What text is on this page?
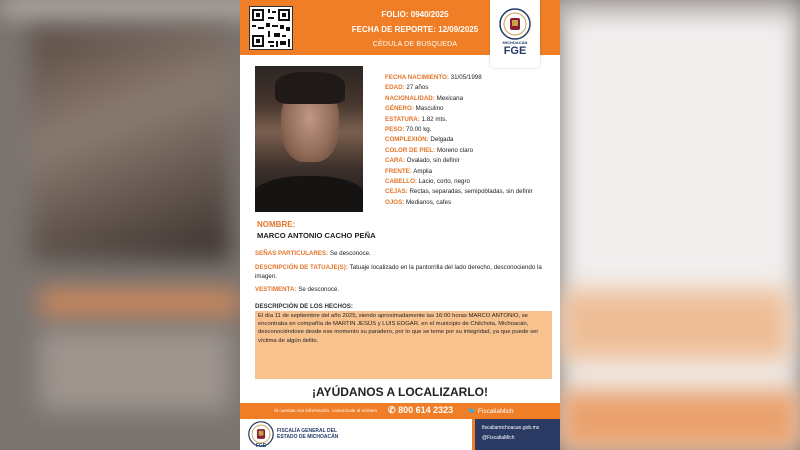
FOLIO: 0940/2025
FECHA DE REPORTE: 12/09/2025
CÉDULA DE BÚSQUEDA	MICHOACÁN
FGE
FECHA NACIMIENTO: 31/05/1998
EDAD: 27 años
NACIONALIDAD: Mexicana
GÉNERO: Masculino
ESTATURA: 1.82 mts.
PESO: 70.00 kg.
COMPLEXIÓN: Delgada
COLOR DE PIEL: Moreno claro
CARA: Ovalado, sin definir
FRENTE: Amplia
CABELLO: Lacio, corto, negro
CEJAS: Rectas, separadas, semipobladas, sin definir
OJOS: Medianos, cafes
NOMBRE:
MARCO ANTONIO CACHO PEÑA
SEÑAS PARTICULARES: Se desconoce.
DESCRIPCIÓN DE TATUAJE(S): Tatuaje localizado en la pantorrilla del lado derecho, desconociendo la imagen.
VESTIMENTA: Se desconoce.
DESCRIPCIÓN DE LOS HECHOS:
El día 11 de septiembre del año 2025, siendo aproximadamente las 16:00 horas MARCO ANTONIO, se encontraba en compañía de MARTIN JESÚS y LUIS EDGAR, en el municipio de Chilchota, Michoacán, desconociéndose desde ese momento su paradero, por lo que se teme por su integridad, ya que puede ser víctima de algún delito.
¡AYÚDANOS A LOCALIZARLO!
Si cuentas con información, comunícate al número ✆ 800 614 2323 🐦 FiscaliaMich
FGE
FISCALÍA GENERAL DEL
ESTADO DE MICHOACÁN
fiscaliamichoacan.gob.mx
@FiscaliaMich
